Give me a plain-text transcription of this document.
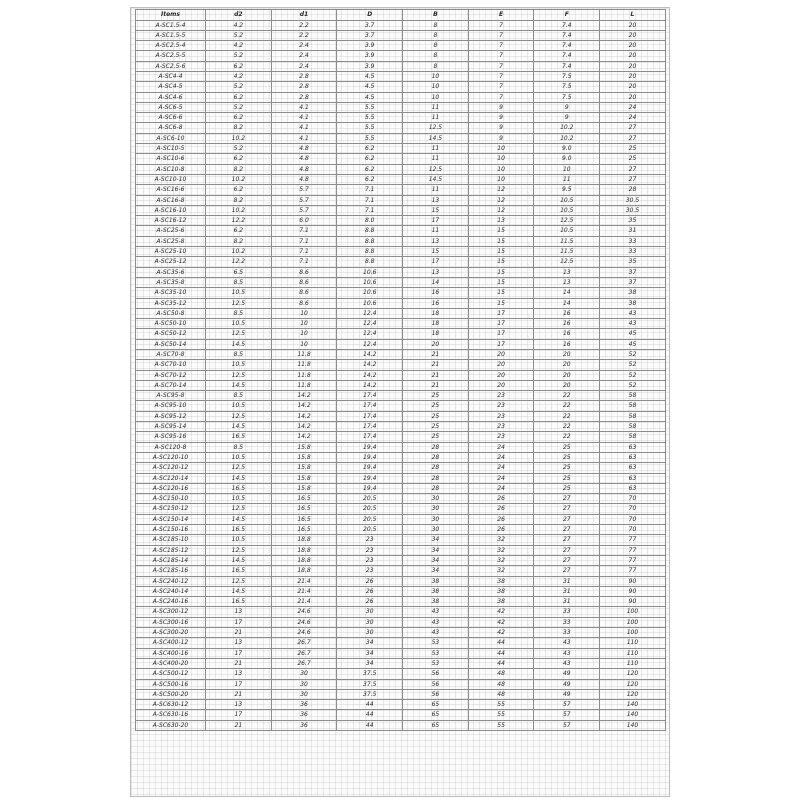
Items	d2	d1	D	B	E	F	L
A-SC1.5-4	4.2	2.2	3.7	8	7	7.4	20
A-SC1.5-5	5.2	2.2	3.7	8	7	7.4	20
A-SC2.5-4	4.2	2.4	3.9	8	7	7.4	20
A-SC2.5-5	5.2	2.4	3.9	8	7	7.4	20
A-SC2.5-6	6.2	2.4	3.9	8	7	7.4	20
A-SC4-4	4.2	2.8	4.5	10	7	7.5	20
A-SC4-5	5.2	2.8	4.5	10	7	7.5	20
A-SC4-6	6.2	2.8	4.5	10	7	7.5	20
A-SC6-5	5.2	4.1	5.5	11	9	9	24
A-SC6-6	6.2	4.1	5.5	11	9	9	24
A-SC6-8	8.2	4.1	5.5	12.5	9	10.2	27
A-SC6-10	10.2	4.1	5.5	14.5	9	10.2	27
A-SC10-5	5.2	4.8	6.2	11	10	9.0	25
A-SC10-6	6.2	4.8	6.2	11	10	9.0	25
A-SC10-8	8.2	4.8	6.2	12.5	10	10	27
A-SC10-10	10.2	4.8	6.2	14.5	10	11	27
A-SC16-6	6.2	5.7	7.1	11	12	9.5	28
A-SC16-8	8.2	5.7	7.1	13	12	10.5	30.5
A-SC16-10	10.2	5.7	7.1	15	12	10.5	30.5
A-SC16-12	12.2	6.0	8.0	17	13	12.5	35
A-SC25-6	6.2	7.1	8.8	11	15	10.5	31
A-SC25-8	8.2	7.1	8.8	13	15	11.5	33
A-SC25-10	10.2	7.1	8.8	15	15	11.5	33
A-SC25-12	12.2	7.1	8.8	17	15	12.5	35
A-SC35-6	6.5	8.6	10.6	13	15	13	37
A-SC35-8	8.5	8.6	10.6	14	15	13	37
A-SC35-10	10.5	8.6	10.6	16	15	14	38
A-SC35-12	12.5	8.6	10.6	16	15	14	38
A-SC50-8	8.5	10	12.4	18	17	16	43
A-SC50-10	10.5	10	12.4	18	17	16	43
A-SC50-12	12.5	10	12.4	18	17	16	45
A-SC50-14	14.5	10	12.4	20	17	16	45
A-SC70-8	8.5	11.8	14.2	21	20	20	52
A-SC70-10	10.5	11.8	14.2	21	20	20	52
A-SC70-12	12.5	11.8	14.2	21	20	20	52
A-SC70-14	14.5	11.8	14.2	21	20	20	52
A-SC95-8	8.5	14.2	17.4	25	23	22	58
A-SC95-10	10.5	14.2	17.4	25	23	22	58
A-SC95-12	12.5	14.2	17.4	25	23	22	58
A-SC95-14	14.5	14.2	17.4	25	23	22	58
A-SC95-16	16.5	14.2	17.4	25	23	22	58
A-SC120-8	8.5	15.8	19.4	28	24	25	63
A-SC120-10	10.5	15.8	19.4	28	24	25	63
A-SC120-12	12.5	15.8	19.4	28	24	25	63
A-SC120-14	14.5	15.8	19.4	28	24	25	63
A-SC120-16	16.5	15.8	19.4	28	24	25	63
A-SC150-10	10.5	16.5	20.5	30	26	27	70
A-SC150-12	12.5	16.5	20.5	30	26	27	70
A-SC150-14	14.5	16.5	20.5	30	26	27	70
A-SC150-16	16.5	16.5	20.5	30	26	27	70
A-SC185-10	10.5	18.8	23	34	32	27	77
A-SC185-12	12.5	18.8	23	34	32	27	77
A-SC185-14	14.5	18.8	23	34	32	27	77
A-SC185-16	16.5	18.8	23	34	32	27	77
A-SC240-12	12.5	21.4	26	38	38	31	90
A-SC240-14	14.5	21.4	26	38	38	31	90
A-SC240-16	16.5	21.4	26	38	38	31	90
A-SC300-12	13	24.6	30	43	42	33	100
A-SC300-16	17	24.6	30	43	42	33	100
A-SC300-20	21	24.6	30	43	42	33	100
A-SC400-12	13	26.7	34	53	44	43	110
A-SC400-16	17	26.7	34	53	44	43	110
A-SC400-20	21	26.7	34	53	44	43	110
A-SC500-12	13	30	37.5	56	48	49	120
A-SC500-16	17	30	37.5	56	48	49	120
A-SC500-20	21	30	37.5	56	48	49	120
A-SC630-12	13	36	44	65	55	57	140
A-SC630-16	17	36	44	65	55	57	140
A-SC630-20	21	36	44	65	55	57	140
